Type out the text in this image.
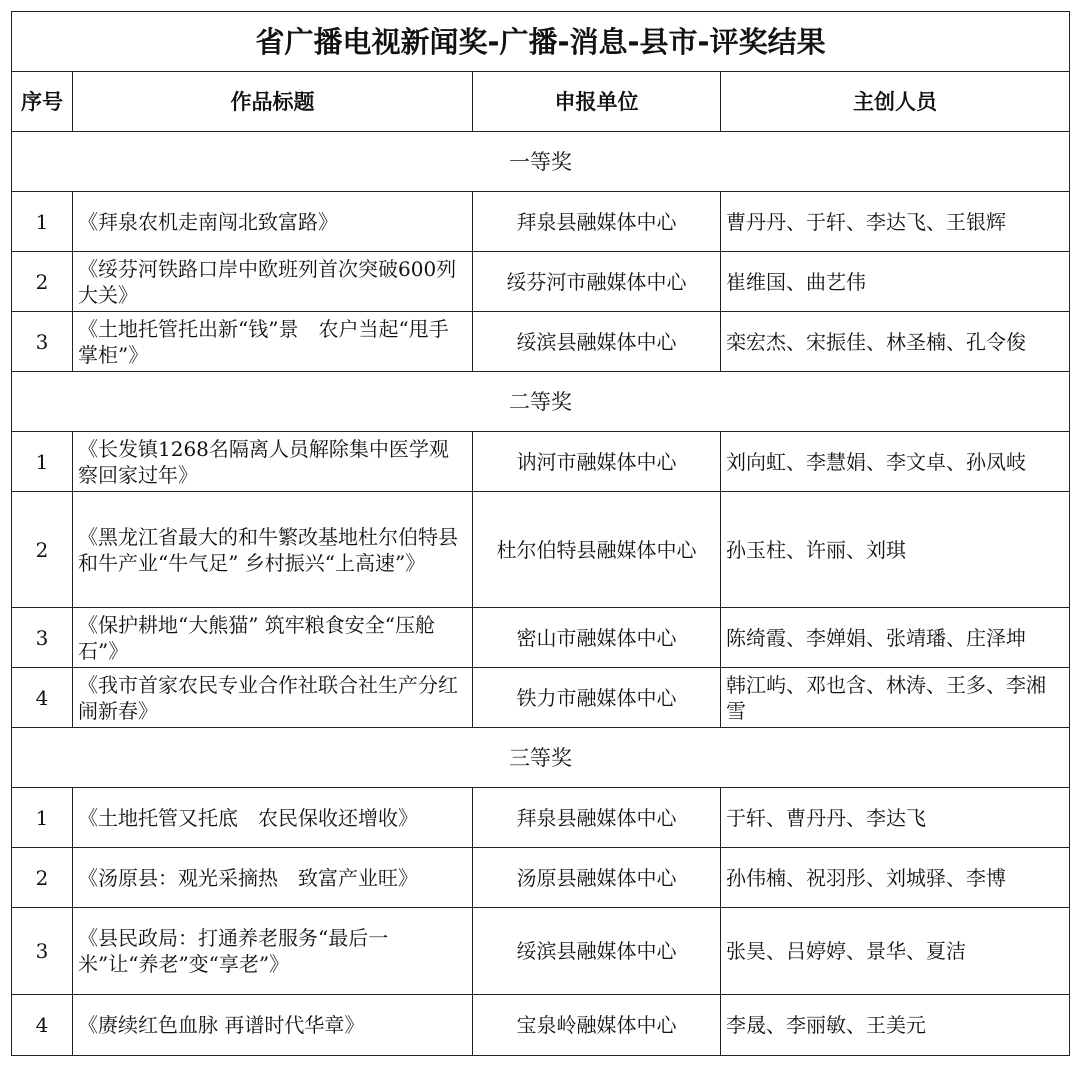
省广播电视新闻奖-广播-消息-县市-评奖结果			
序号	作品标题	申报单位	主创人员
一等奖			
1	《拜泉农机走南闯北致富路》	拜泉县融媒体中心	曹丹丹、于轩、李达飞、王银辉
2	《绥芬河铁路口岸中欧班列首次突破600列大关》	绥芬河市融媒体中心	崔维国、曲艺伟
3	《土地托管托出新“钱”景　农户当起“甩手掌柜”》	绥滨县融媒体中心	栾宏杰、宋振佳、林圣楠、孔令俊
二等奖			
1	《长发镇1268名隔离人员解除集中医学观察回家过年》	讷河市融媒体中心	刘向虹、李慧娟、李文卓、孙凤岐
2	《黑龙江省最大的和牛繁改基地杜尔伯特县 和牛产业“牛气足” 乡村振兴“上高速”》	杜尔伯特县融媒体中心	孙玉柱、许丽、刘琪
3	《保护耕地“大熊猫” 筑牢粮食安全“压舱石”》	密山市融媒体中心	陈绮霞、李婵娟、张靖璠、庄泽坤
4	《我市首家农民专业合作社联合社生产分红闹新春》	铁力市融媒体中心	韩江屿、邓也含、林涛、王多、李湘雪
三等奖			
1	《土地托管又托底　农民保收还增收》	拜泉县融媒体中心	于轩、曹丹丹、李达飞
2	《汤原县：观光采摘热　致富产业旺》	汤原县融媒体中心	孙伟楠、祝羽彤、刘城驿、李博
3	《县民政局：打通养老服务“最后一米”让“养老”变“享老”》	绥滨县融媒体中心	张昊、吕婷婷、景华、夏洁
4	《赓续红色血脉 再谱时代华章》	宝泉岭融媒体中心	李晟、李丽敏、王美元
